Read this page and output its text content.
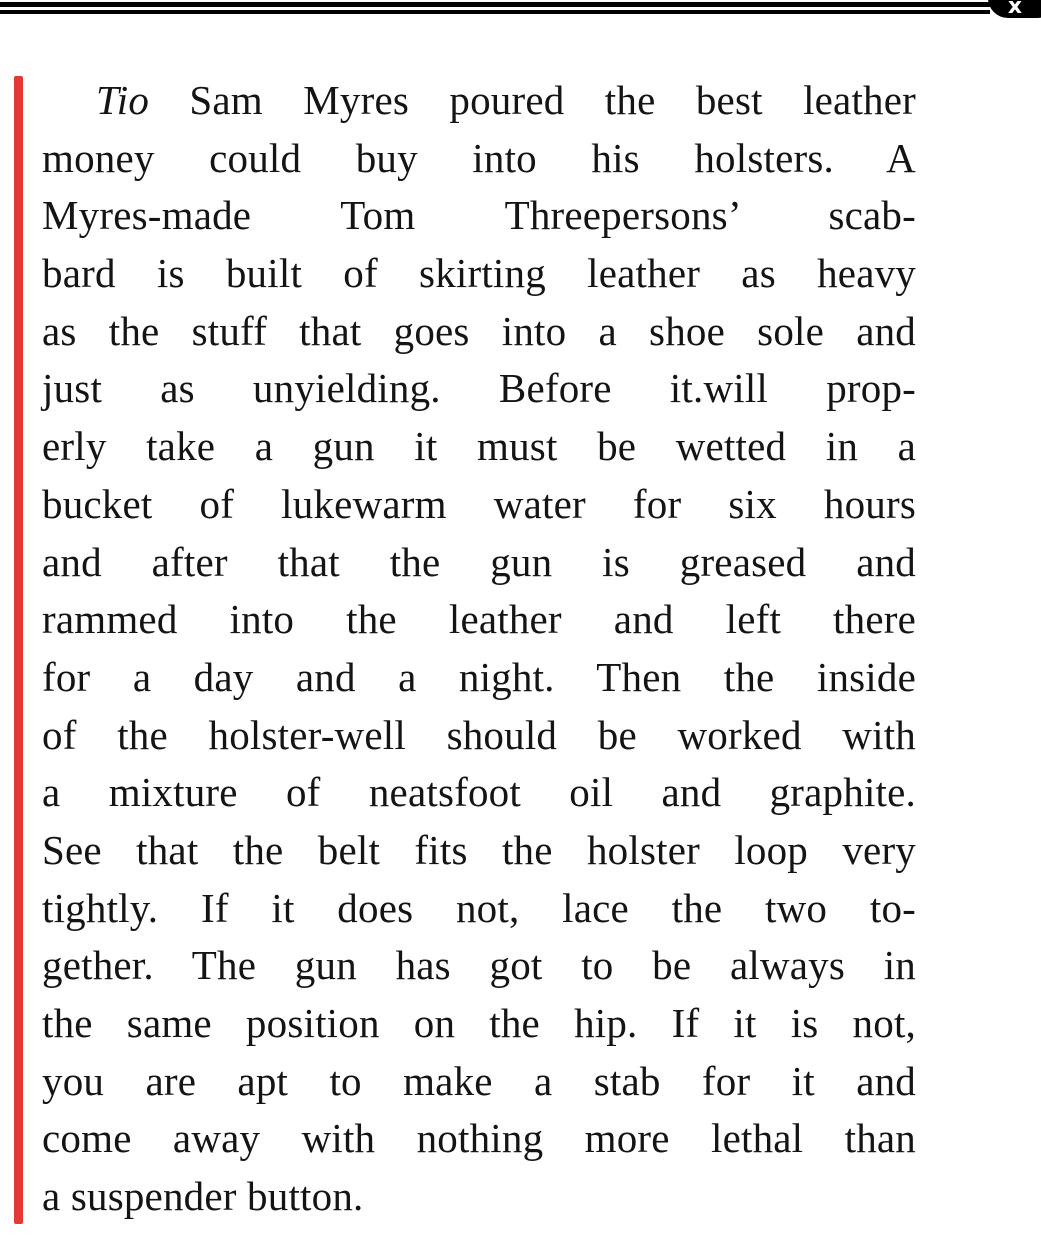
x
Tio Sam Myres poured the best leather
money could buy into his holsters. A
Myres-made Tom Threepersons’ scab-
bard is built of skirting leather as heavy
as the stuff that goes into a shoe sole and
just as unyielding. Before it.will prop-
erly take a gun it must be wetted in a
bucket of lukewarm water for six hours
and after that the gun is greased and
rammed into the leather and left there
for a day and a night. Then the inside
of the holster-well should be worked with
a mixture of neatsfoot oil and graphite.
See that the belt fits the holster loop very
tightly. If it does not, lace the two to-
gether. The gun has got to be always in
the same position on the hip. If it is not,
you are apt to make a stab for it and
come away with nothing more lethal than
a suspender button.
